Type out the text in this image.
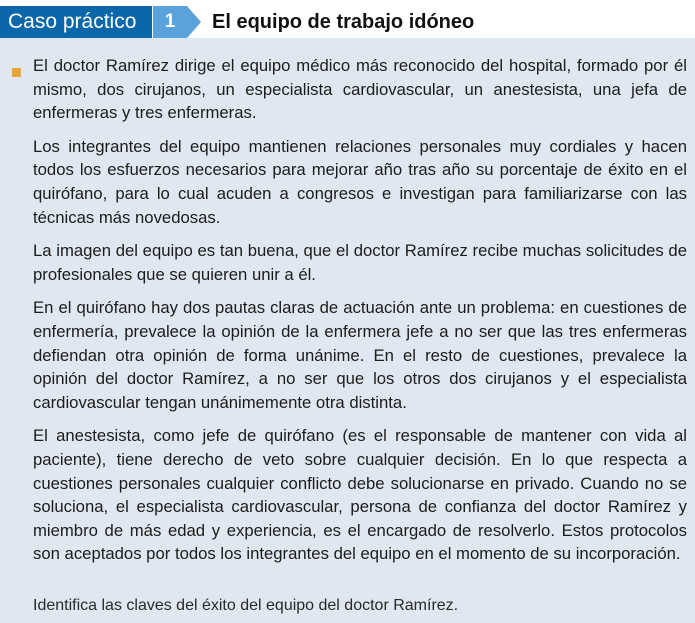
Caso práctico	1	El equipo de trabajo idóneo

El doctor Ramírez dirige el equipo médico más reconocido del hospital, formado por él mismo, dos cirujanos, un especialista cardiovascular, un anestesista, una jefa de enfermeras y tres enfermeras.

Los integrantes del equipo mantienen relaciones personales muy cordiales y hacen todos los esfuerzos necesarios para mejorar año tras año su porcentaje de éxito en el quirófano, para lo cual acuden a congresos e investigan para familiarizarse con las técnicas más novedosas.

La imagen del equipo es tan buena, que el doctor Ramírez recibe muchas solicitudes de profesionales que se quieren unir a él.

En el quirófano hay dos pautas claras de actuación ante un problema: en cuestiones de enfermería, prevalece la opinión de la enfermera jefe a no ser que las tres enfermeras defiendan otra opinión de forma unánime. En el resto de cuestiones, prevalece la opinión del doctor Ramírez, a no ser que los otros dos cirujanos y el especialista cardiovascular tengan unánimemente otra distinta.

El anestesista, como jefe de quirófano (es el responsable de mantener con vida al paciente), tiene derecho de veto sobre cualquier decisión. En lo que respecta a cuestiones personales cualquier conflicto debe solucionarse en privado. Cuando no se soluciona, el especialista cardiovascular, persona de confianza del doctor Ramírez y miembro de más edad y experiencia, es el encargado de resolverlo. Estos protocolos son aceptados por todos los integrantes del equipo en el momento de su incorporación.

Identifica las claves del éxito del equipo del doctor Ramírez.
